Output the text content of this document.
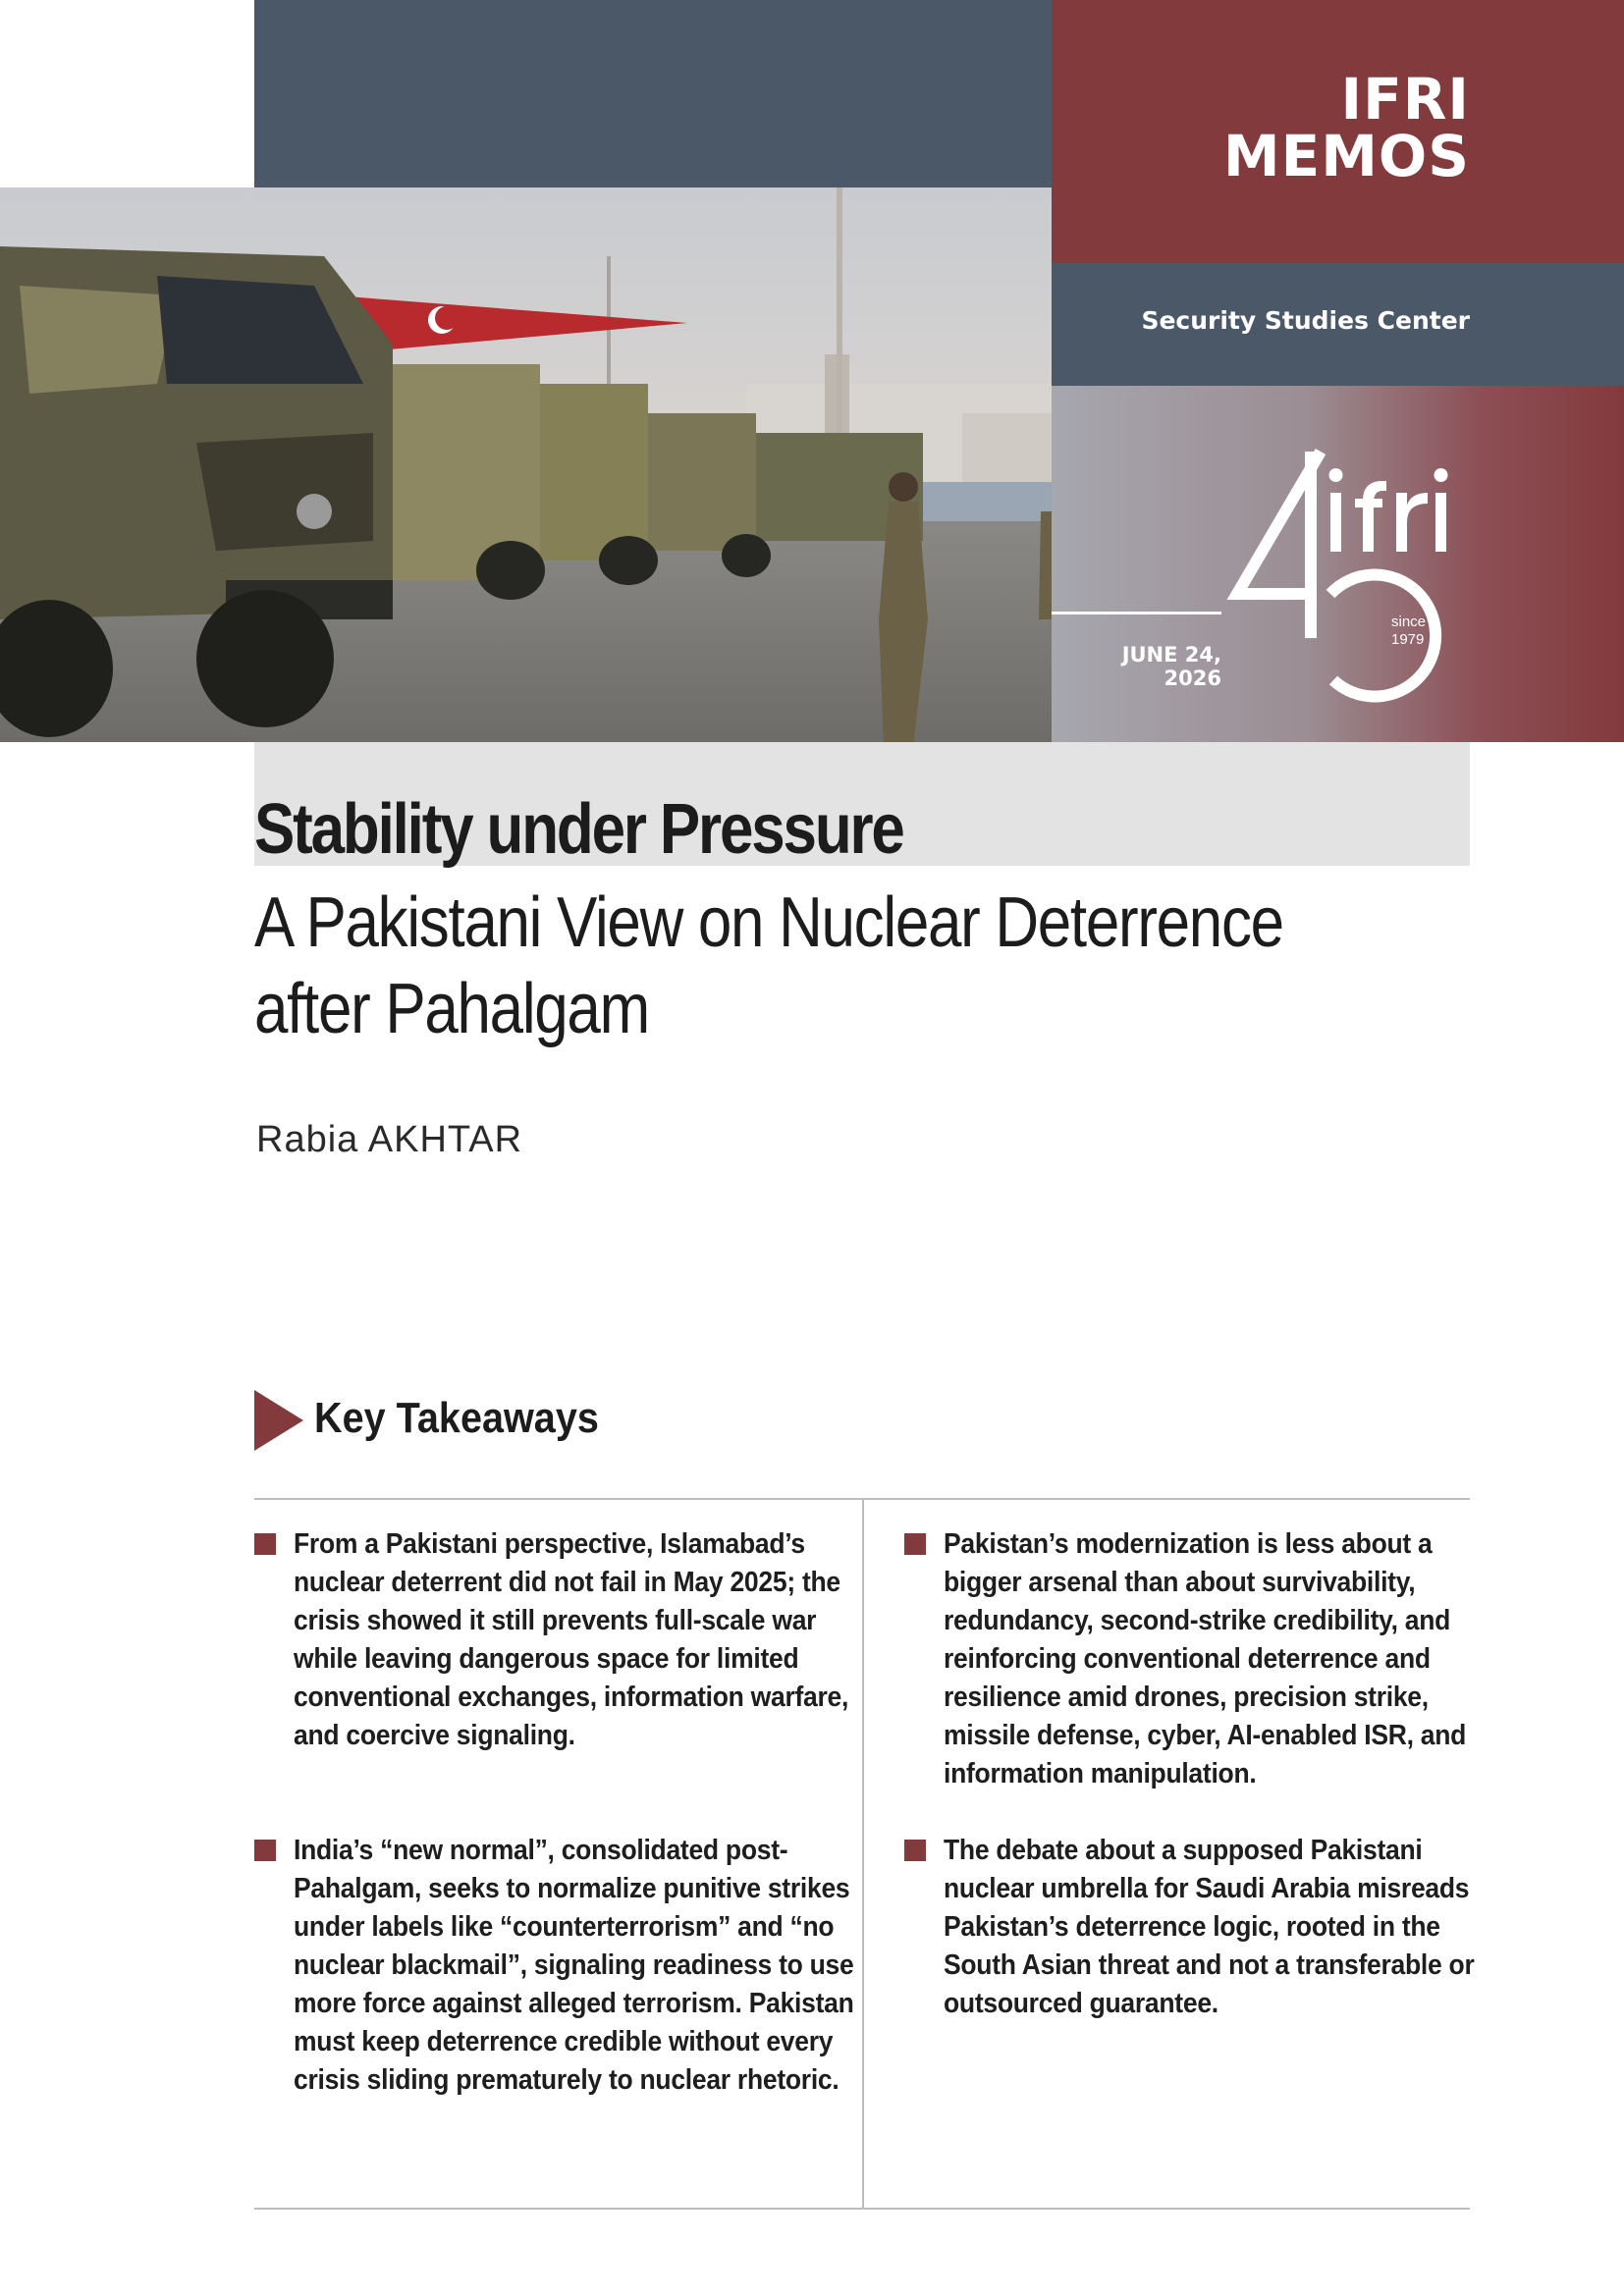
IFRI
MEMOS
Security Studies Center
since
1979
JUNE 24,
2026
Stability under Pressure
A Pakistani View on Nuclear Deterrence
after Pahalgam
Rabia AKHTAR
Key Takeaways
From a Pakistani perspective, Islamabad’s nuclear deterrent did not fail in May 2025; the crisis showed it still prevents full-scale war while leaving dangerous space for limited conventional exchanges, information warfare, and coercive signaling.
India’s “new normal”, consolidated post-Pahalgam, seeks to normalize punitive strikes under labels like “counterterrorism” and “no nuclear blackmail”, signaling readiness to use more force against alleged terrorism. Pakistan must keep deterrence credible without every crisis sliding prematurely to nuclear rhetoric.
Pakistan’s modernization is less about a bigger arsenal than about survivability, redundancy, second-strike credibility, and reinforcing conventional deterrence and resilience amid drones, precision strike, missile defense, cyber, AI-enabled ISR, and information manipulation.
The debate about a supposed Pakistani nuclear umbrella for Saudi Arabia misreads Pakistan’s deterrence logic, rooted in the South Asian threat and not a transferable or outsourced guarantee.
